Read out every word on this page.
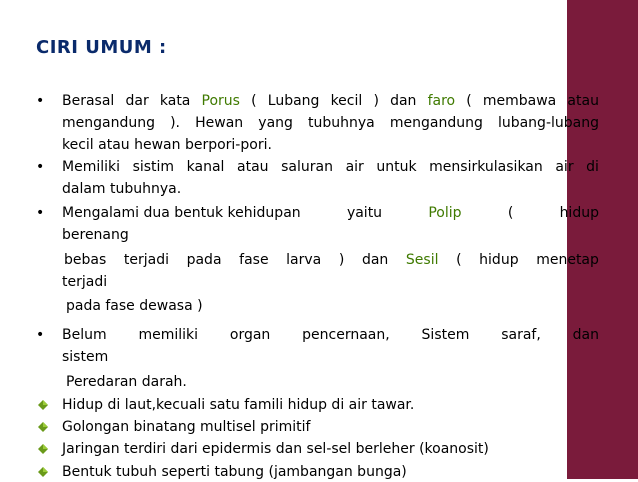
CIRI UMUM :
• Berasal dar kata Porus ( Lubang kecil ) dan faro ( membawa atau
mengandung ). Hewan yang tubuhnya mengandung lubang-lubang
kecil atau hewan berpori-pori.
• Memiliki sistim kanal atau saluran air untuk mensirkulasikan air di
dalam tubuhnya.
• Mengalami dua bentuk kehidupan	yaitu	Polip	(	hidup
berenang
bebas terjadi pada fase larva ) dan Sesil ( hidup menetap
terjadi
pada fase dewasa )
• Belum memiliki organ pencernaan, Sistem saraf, dan
sistem
Peredaran darah.
Hidup di laut,kecuali satu famili hidup di air tawar.
Golongan binatang multisel primitif
Jaringan terdiri dari epidermis dan sel-sel berleher (koanosit)
Bentuk tubuh seperti tabung (jambangan bunga)
